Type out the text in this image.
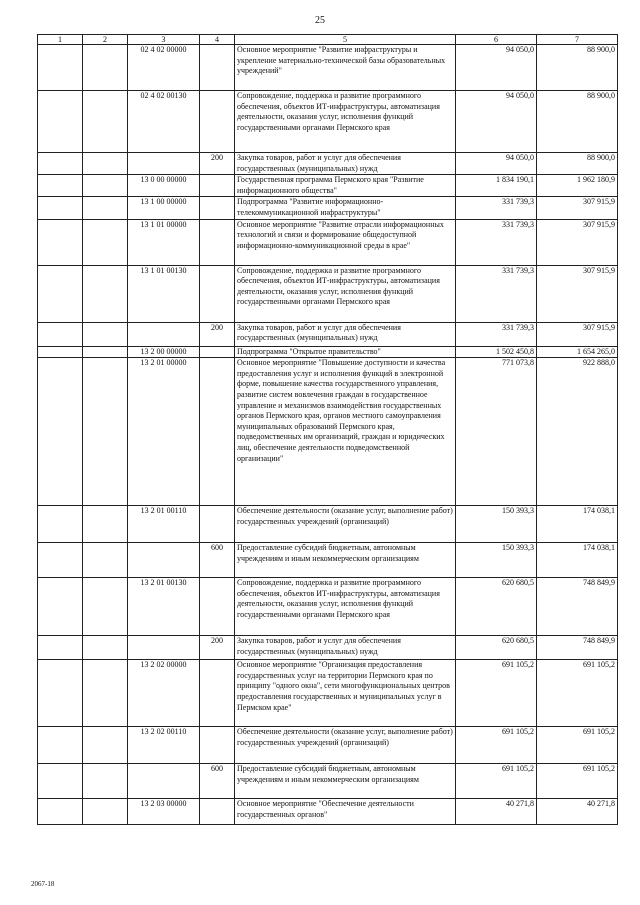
25
1	2	3	4	5	6	7
		02 4 02 00000		Основное мероприятие "Развитие инфраструктуры и укрепление материально-технической базы образовательных учреждений"	94 050,0	88 900,0
		02 4 02 00130		Сопровождение, поддержка и развитие программного обеспечения, объектов ИТ-инфраструктуры, автоматизация деятельности, оказания услуг, исполнения функций государственными органами Пермского края	94 050,0	88 900,0
			200	Закупка товаров, работ и услуг для обеспечения государственных (муниципальных) нужд	94 050,0	88 900,0
		13 0 00 00000		Государственная программа Пермского края "Развитие информационного общества"	1 834 190,1	1 962 180,9
		13 1 00 00000		Подпрограмма "Развитие информационно-телекоммуникационной инфраструктуры"	331 739,3	307 915,9
		13 1 01 00000		Основное мероприятие "Развитие отрасли информационных технологий и связи и формирование общедоступной информационно-коммуникационной среды в крае"	331 739,3	307 915,9
		13 1 01 00130		Сопровождение, поддержка и развитие программного обеспечения, объектов ИТ-инфраструктуры, автоматизация деятельности, оказания услуг, исполнения функций государственными органами Пермского края	331 739,3	307 915,9
			200	Закупка товаров, работ и услуг для обеспечения государственных (муниципальных) нужд	331 739,3	307 915,9
		13 2 00 00000		Подпрограмма "Открытое правительство"	1 502 450,8	1 654 265,0
		13 2 01 00000		Основное мероприятие "Повышение доступности и качества предоставления услуг и исполнения функций в электронной форме, повышение качества государственного управления, развитие систем вовлечения граждан в государственное управление и механизмов взаимодействия государственных органов Пермского края, органов местного самоуправления муниципальных образований Пермского края, подведомственных им организаций, граждан и юридических лиц, обеспечение деятельности подведомственной организации"	771 073,8	922 888,0
		13 2 01 00110		Обеспечение деятельности (оказание услуг, выполнение работ) государственных учреждений (организаций)	150 393,3	174 038,1
			600	Предоставление субсидий бюджетным, автономным учреждениям и иным некоммерческим организациям	150 393,3	174 038,1
		13 2 01 00130		Сопровождение, поддержка и развитие программного обеспечения, объектов ИТ-инфраструктуры, автоматизация деятельности, оказания услуг, исполнения функций государственными органами Пермского края	620 680,5	748 849,9
			200	Закупка товаров, работ и услуг для обеспечения государственных (муниципальных) нужд	620 680,5	748 849,9
		13 2 02 00000		Основное мероприятие "Организация предоставления государственных услуг на территории Пермского края по принципу "одного окна", сети многофункциональных центров предоставления государственных и муниципальных услуг в Пермском крае"	691 105,2	691 105,2
		13 2 02 00110		Обеспечение деятельности (оказание услуг, выполнение работ) государственных учреждений (организаций)	691 105,2	691 105,2
			600	Предоставление субсидий бюджетным, автономным учреждениям и иным некоммерческим организациям	691 105,2	691 105,2
		13 2 03 00000		Основное мероприятие "Обеспечение деятельности государственных органов"	40 271,8	40 271,8
2067-18
